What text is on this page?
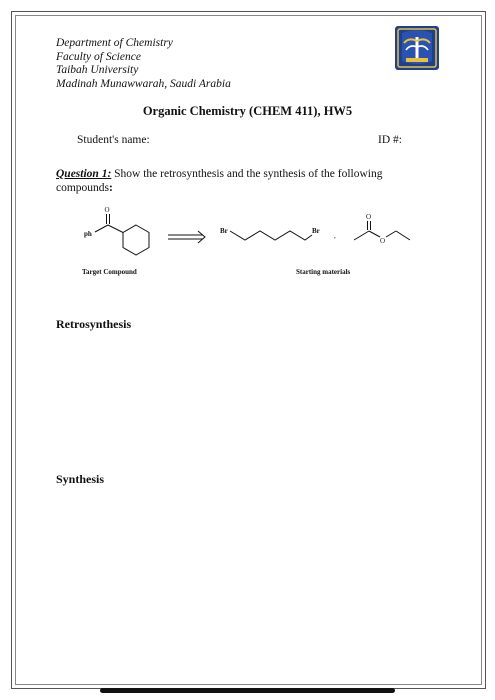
Department of Chemistry
Faculty of Science
Taibah University
Madinah Munawwarah, Saudi Arabia
Organic Chemistry (CHEM 411), HW5
Student's name:	ID #:
Question 1: Show the retrosynthesis and the synthesis of the following compounds:
O
ph	Br	Br
,
O
O
Target Compound	Starting materials
Retrosynthesis
Synthesis
